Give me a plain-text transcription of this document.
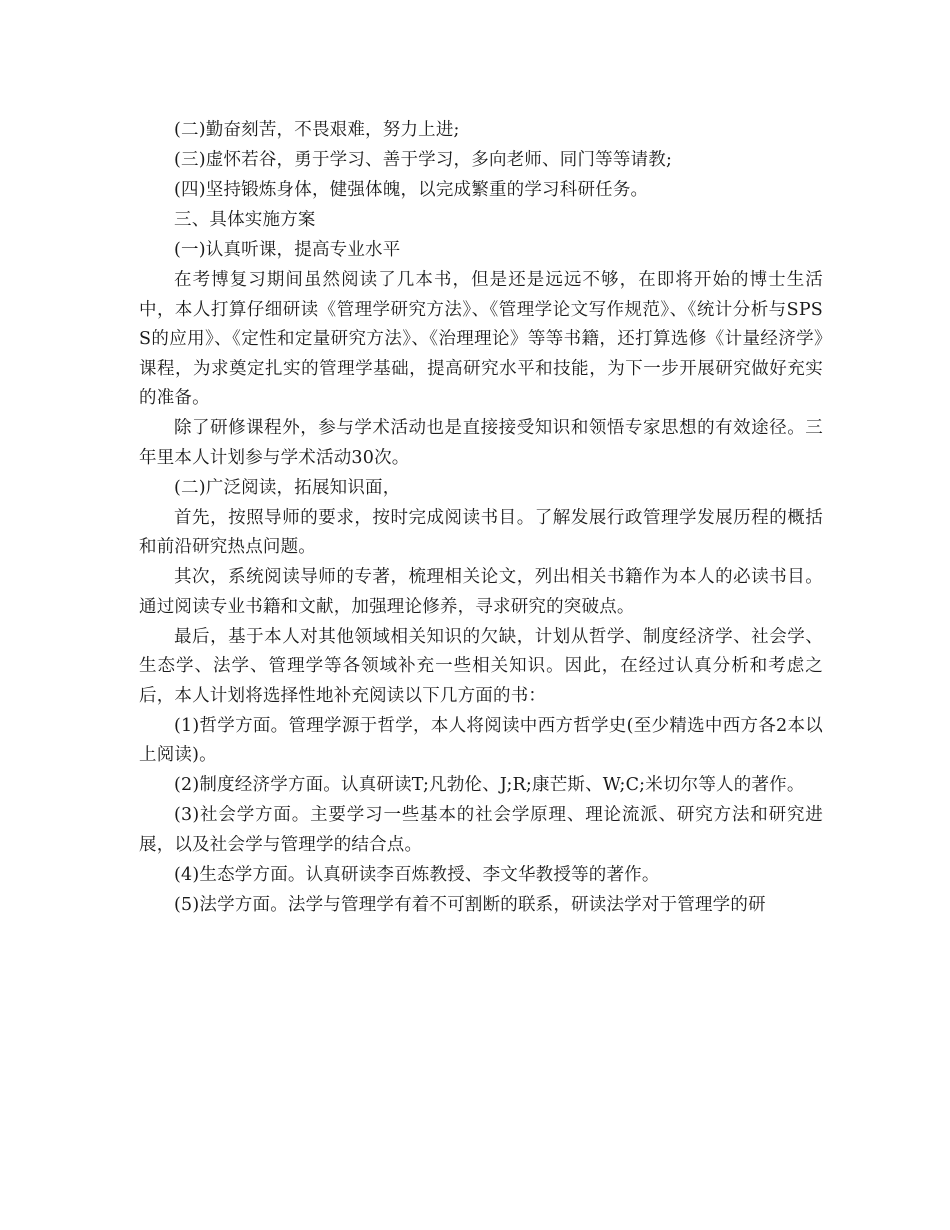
(二)勤奋刻苦，不畏艰难，努力上进;

(三)虚怀若谷，勇于学习、善于学习，多向老师、同门等等请教;

(四)坚持锻炼身体，健强体魄，以完成繁重的学习科研任务。

三、具体实施方案

(一)认真听课，提高专业水平

在考博复习期间虽然阅读了几本书，但是还是远远不够，在即将开始的博士生活中，本人打算仔细研读《管理学研究方法》、《管理学论文写作规范》、《统计分析与SPSS的应用》、《定性和定量研究方法》、《治理理论》等等书籍，还打算选修《计量经济学》课程，为求奠定扎实的管理学基础，提高研究水平和技能，为下一步开展研究做好充实的准备。

除了研修课程外，参与学术活动也是直接接受知识和领悟专家思想的有效途径。三年里本人计划参与学术活动30次。

(二)广泛阅读，拓展知识面，

首先，按照导师的要求，按时完成阅读书目。了解发展行政管理学发展历程的概括和前沿研究热点问题。

其次，系统阅读导师的专著，梳理相关论文，列出相关书籍作为本人的必读书目。通过阅读专业书籍和文献，加强理论修养，寻求研究的突破点。

最后，基于本人对其他领域相关知识的欠缺，计划从哲学、制度经济学、社会学、生态学、法学、管理学等各领域补充一些相关知识。因此，在经过认真分析和考虑之后，本人计划将选择性地补充阅读以下几方面的书：

(1)哲学方面。管理学源于哲学，本人将阅读中西方哲学史(至少精选中西方各2本以上阅读)。

(2)制度经济学方面。认真研读T;凡勃伦、J;R;康芒斯、W;C;米切尔等人的著作。

(3)社会学方面。主要学习一些基本的社会学原理、理论流派、研究方法和研究进展，以及社会学与管理学的结合点。

(4)生态学方面。认真研读李百炼教授、李文华教授等的著作。

(5)法学方面。法学与管理学有着不可割断的联系，研读法学对于管理学的研
